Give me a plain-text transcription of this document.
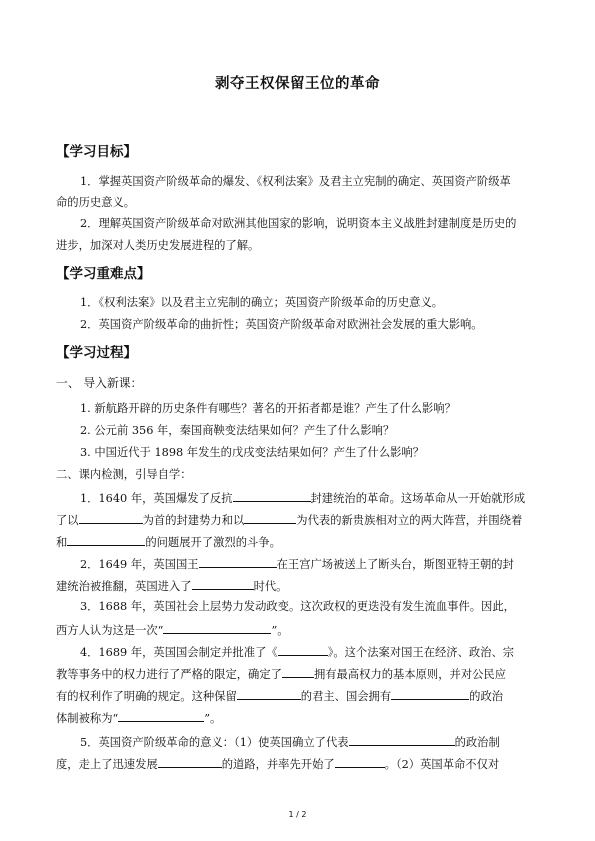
剥夺王权保留王位的革命
【学习目标】
1．掌握英国资产阶级革命的爆发、《权利法案》及君主立宪制的确定、英国资产阶级革
命的历史意义。
2．理解英国资产阶级革命对欧洲其他国家的影响，说明资本主义战胜封建制度是历史的
进步，加深对人类历史发展进程的了解。
【学习重难点】
1．《权利法案》以及君主立宪制的确立；英国资产阶级革命的历史意义。
2．英国资产阶级革命的曲折性；英国资产阶级革命对欧洲社会发展的重大影响。
【学习过程】
一、 导入新课：
1. 新航路开辟的历史条件有哪些？著名的开拓者都是谁？产生了什么影响？
2. 公元前 356 年，秦国商鞅变法结果如何？产生了什么影响？
3. 中国近代于 1898 年发生的戊戌变法结果如何？产生了什么影响？
二、课内检测，引导自学：
1．1640 年，英国爆发了反抗	封建统治的革命。这场革命从一开始就形成
了以	为首的封建势力和以	为代表的新贵族相对立的两大阵营，并围绕着
和	的问题展开了激烈的斗争。
2．1649 年，英国国王	在王宫广场被送上了断头台，斯图亚特王朝的封
建统治被推翻，英国进入了	时代。
3．1688 年，英国社会上层势力发动政变。这次政权的更迭没有发生流血事件。因此，
西方人认为这是一次“	”。
4．1689 年，英国国会制定并批准了《	》。这个法案对国王在经济、政治、宗
教等事务中的权力进行了严格的限定，确定了	拥有最高权力的基本原则，并对公民应
有的权利作了明确的规定。这种保留	的君主、国会拥有	的政治
体制被称为“	”。
5．英国资产阶级革命的意义：（1）使英国确立了代表	的政治制
度，走上了迅速发展	的道路，并率先开始了	。（2）英国革命不仅对
1 / 2
